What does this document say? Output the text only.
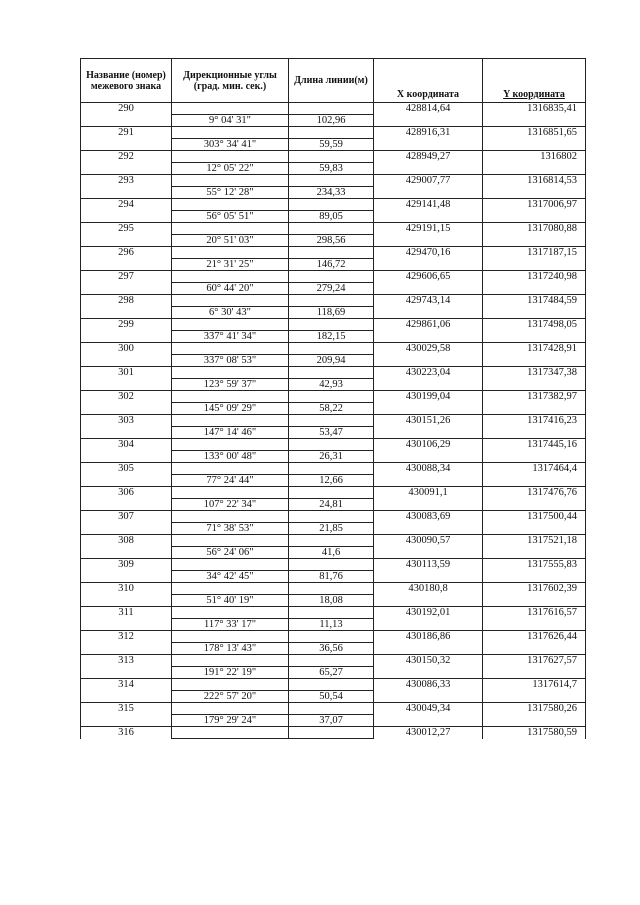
Название (номер) межевого знака	Дирекционные углы (град. мин. сек.)	Длина линии(м)	X координата	Y координата
290			428814,64	1316835,41
	9° 04' 31"	102,96		
291			428916,31	1316851,65
	303° 34' 41"	59,59		
292			428949,27	1316802
	12° 05' 22"	59,83		
293			429007,77	1316814,53
	55° 12' 28"	234,33		
294			429141,48	1317006,97
	56° 05' 51"	89,05		
295			429191,15	1317080,88
	20° 51' 03"	298,56		
296			429470,16	1317187,15
	21° 31' 25"	146,72		
297			429606,65	1317240,98
	60° 44' 20"	279,24		
298			429743,14	1317484,59
	6° 30' 43"	118,69		
299			429861,06	1317498,05
	337° 41' 34"	182,15		
300			430029,58	1317428,91
	337° 08' 53"	209,94		
301			430223,04	1317347,38
	123° 59' 37"	42,93		
302			430199,04	1317382,97
	145° 09' 29"	58,22		
303			430151,26	1317416,23
	147° 14' 46"	53,47		
304			430106,29	1317445,16
	133° 00' 48"	26,31		
305			430088,34	1317464,4
	77° 24' 44"	12,66		
306			430091,1	1317476,76
	107° 22' 34"	24,81		
307			430083,69	1317500,44
	71° 38' 53"	21,85		
308			430090,57	1317521,18
	56° 24' 06"	41,6		
309			430113,59	1317555,83
	34° 42' 45"	81,76		
310			430180,8	1317602,39
	51° 40' 19"	18,08		
311			430192,01	1317616,57
	117° 33' 17"	11,13		
312			430186,86	1317626,44
	178° 13' 43"	36,56		
313			430150,32	1317627,57
	191° 22' 19"	65,27		
314			430086,33	1317614,7
	222° 57' 20"	50,54		
315			430049,34	1317580,26
	179° 29' 24"	37,07		
316			430012,27	1317580,59
